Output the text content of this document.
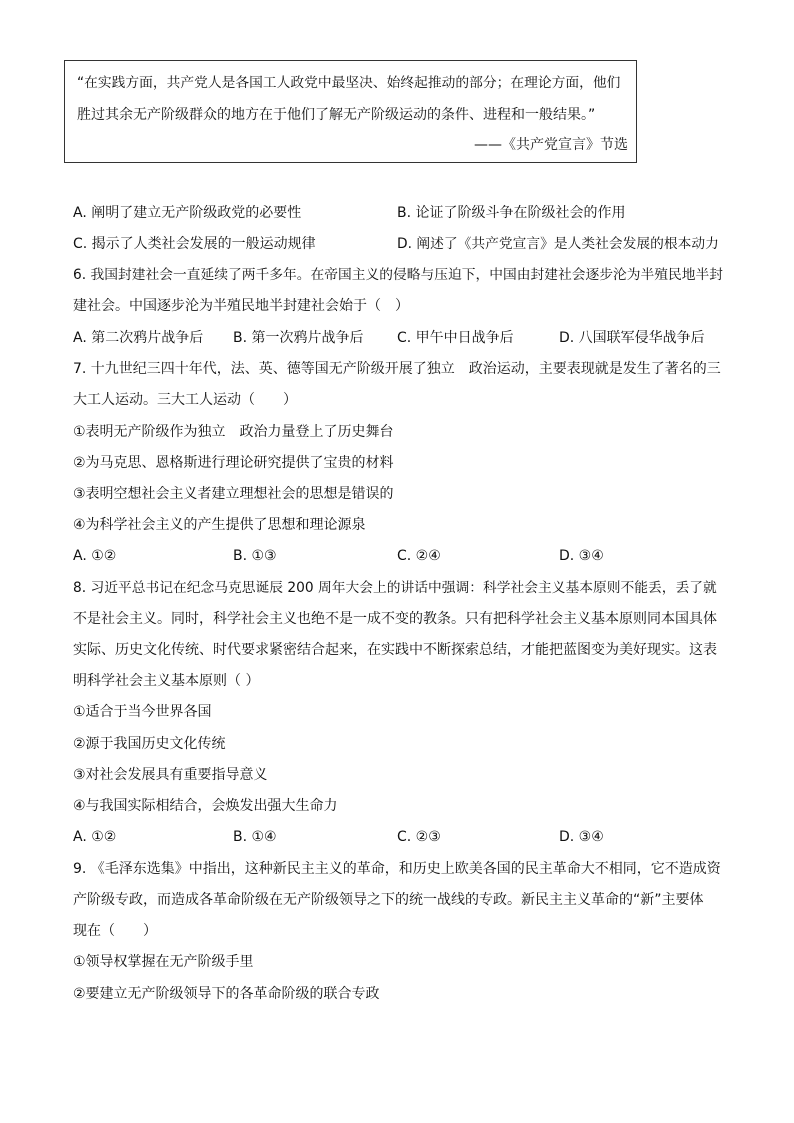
“在实践方面，共产党人是各国工人政党中最坚决、始终起推动的部分；在理论方面，他们
胜过其余无产阶级群众的地方在于他们了解无产阶级运动的条件、进程和一般结果。”
——《共产党宣言》节选
A. 阐明了建立无产阶级政党的必要性	B. 论证了阶级斗争在阶级社会的作用
C. 揭示了人类社会发展的一般运动规律	D. 阐述了《共产党宣言》是人类社会发展的根本动力
6. 我国封建社会一直延续了两千多年。在帝国主义的侵略与压迫下，中国由封建社会逐步沦为半殖民地半封
建社会。中国逐步沦为半殖民地半封建社会始于（　）
A. 第二次鸦片战争后 B. 第一次鸦片战争后 C. 甲午中日战争后	D. 八国联军侵华战争后
7. 十九世纪三四十年代，法、英、德等国无产阶级开展了独立　政治运动，主要表现就是发生了著名的三
大工人运动。三大工人运动（　　）
①表明无产阶级作为独立　政治力量登上了历史舞台
②为马克思、恩格斯进行理论研究提供了宝贵的材料
③表明空想社会主义者建立理想社会的思想是错误的
④为科学社会主义的产生提供了思想和理论源泉
A. ①②	B. ①③	C. ②④	D. ③④
8. 习近平总书记在纪念马克思诞辰 200 周年大会上的讲话中强调：科学社会主义基本原则不能丢，丢了就
不是社会主义。同时，科学社会主义也绝不是一成不变的教条。只有把科学社会主义基本原则同本国具体
实际、历史文化传统、时代要求紧密结合起来，在实践中不断探索总结，才能把蓝图变为美好现实。这表
明科学社会主义基本原则（ ）
①适合于当今世界各国
②源于我国历史文化传统
③对社会发展具有重要指导意义
④与我国实际相结合，会焕发出强大生命力
A. ①②	B. ①④	C. ②③	D. ③④
9. 《毛泽东选集》中指出，这种新民主主义的革命，和历史上欧美各国的民主革命大不相同，它不造成资
产阶级专政，而造成各革命阶级在无产阶级领导之下的统一战线的专政。新民主主义革命的“新”主要体
现在（　　）
①领导权掌握在无产阶级手里
②要建立无产阶级领导下的各革命阶级的联合专政
